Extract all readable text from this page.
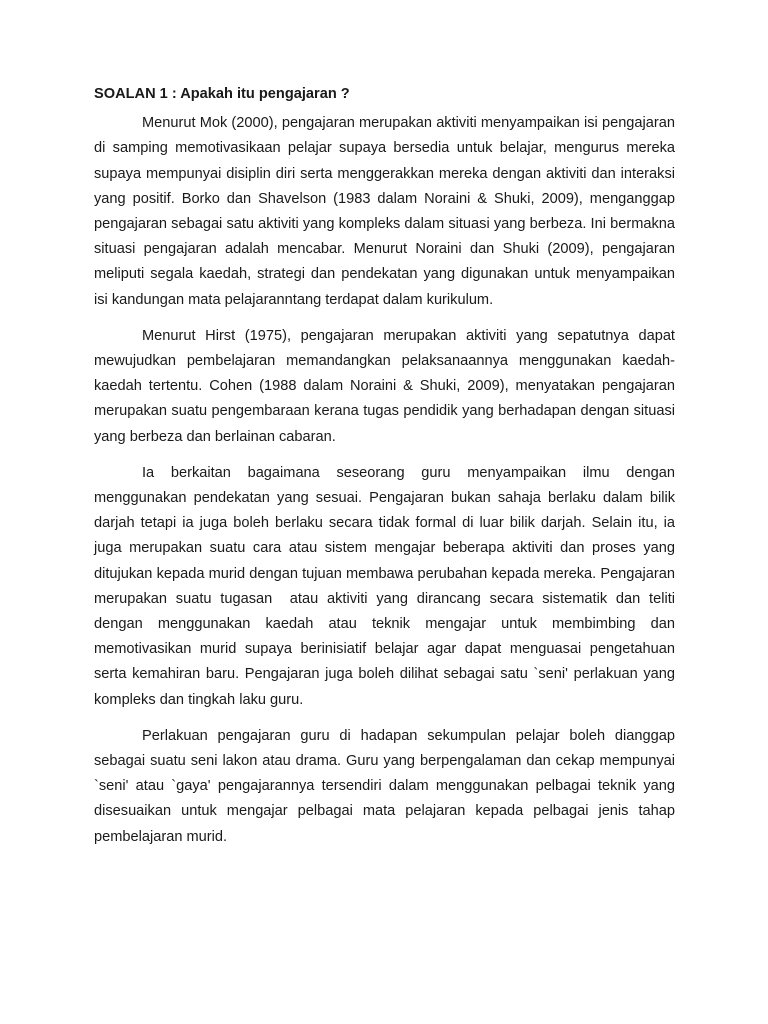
SOALAN 1 : Apakah itu pengajaran ?

Menurut Mok (2000), pengajaran merupakan aktiviti menyampaikan isi pengajaran di samping memotivasikaan pelajar supaya bersedia untuk belajar, mengurus mereka supaya mempunyai disiplin diri serta menggerakkan mereka dengan aktiviti dan interaksi yang positif. Borko dan Shavelson (1983 dalam Noraini & Shuki, 2009), menganggap pengajaran sebagai satu aktiviti yang kompleks dalam situasi yang berbeza. Ini bermakna situasi pengajaran adalah mencabar. Menurut Noraini dan Shuki (2009), pengajaran meliputi segala kaedah, strategi dan pendekatan yang digunakan untuk menyampaikan isi kandungan mata pelajaranntang terdapat dalam kurikulum.

Menurut Hirst (1975), pengajaran merupakan aktiviti yang sepatutnya dapat mewujudkan pembelajaran memandangkan pelaksanaannya menggunakan kaedah-kaedah tertentu. Cohen (1988 dalam Noraini & Shuki, 2009), menyatakan pengajaran merupakan suatu pengembaraan kerana tugas pendidik yang berhadapan dengan situasi yang berbeza dan berlainan cabaran.

Ia berkaitan bagaimana seseorang guru menyampaikan ilmu dengan menggunakan pendekatan yang sesuai. Pengajaran bukan sahaja berlaku dalam bilik darjah tetapi ia juga boleh berlaku secara tidak formal di luar bilik darjah. Selain itu, ia juga merupakan suatu cara atau sistem mengajar beberapa aktiviti dan proses yang ditujukan kepada murid dengan tujuan membawa perubahan kepada mereka. Pengajaran merupakan suatu tugasan  atau aktiviti yang dirancang secara sistematik dan teliti dengan menggunakan kaedah atau teknik mengajar untuk membimbing dan memotivasikan murid supaya berinisiatif belajar agar dapat menguasai pengetahuan serta kemahiran baru. Pengajaran juga boleh dilihat sebagai satu `seni' perlakuan yang kompleks dan tingkah laku guru.

Perlakuan pengajaran guru di hadapan sekumpulan pelajar boleh dianggap sebagai suatu seni lakon atau drama. Guru yang berpengalaman dan cekap mempunyai `seni' atau `gaya' pengajarannya tersendiri dalam menggunakan pelbagai teknik yang disesuaikan untuk mengajar pelbagai mata pelajaran kepada pelbagai jenis tahap pembelajaran murid.
